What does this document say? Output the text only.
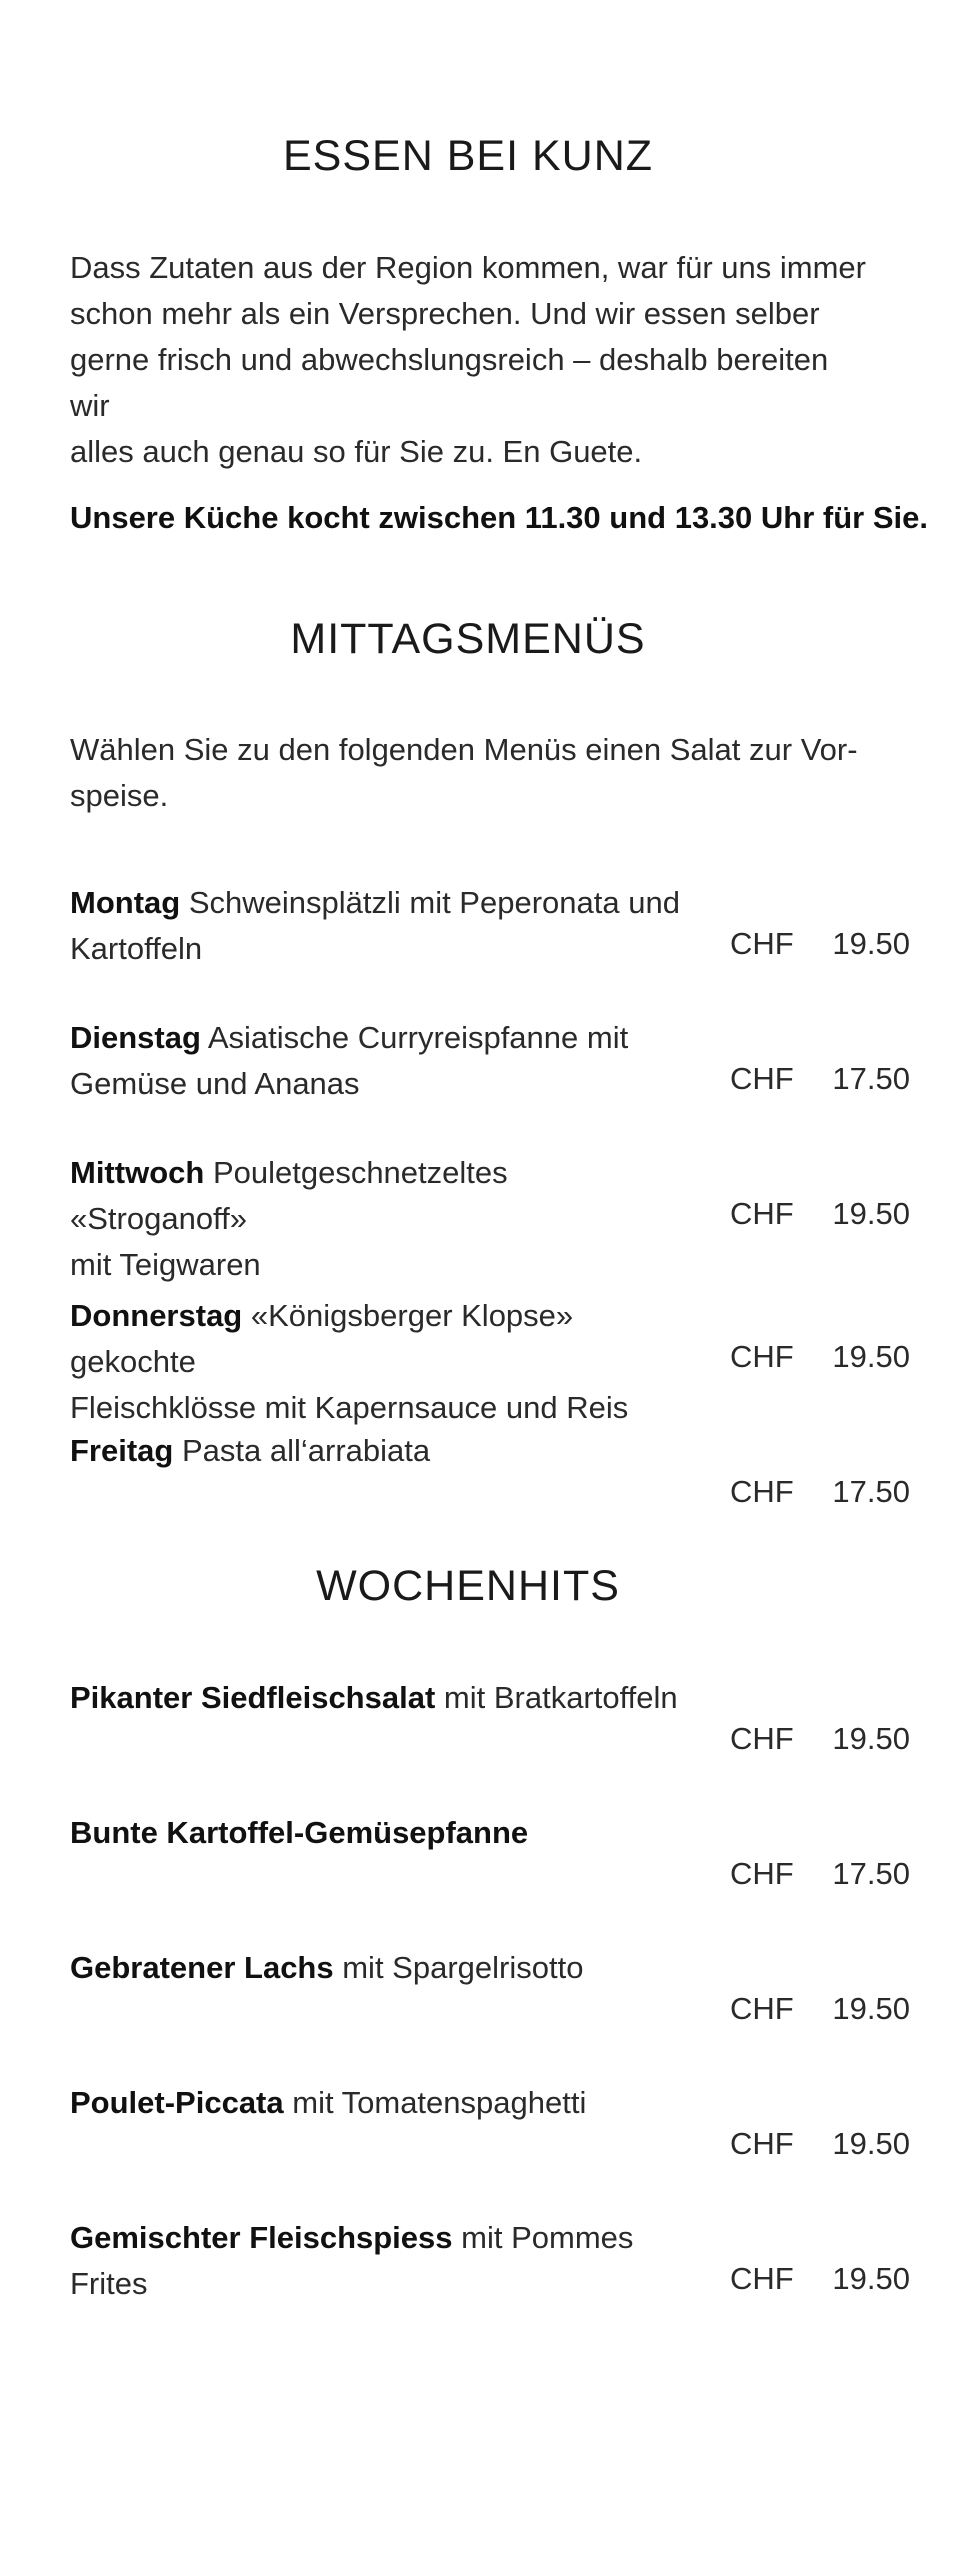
ESSEN BEI KUNZ
Dass Zutaten aus der Region kommen, war für uns immer
schon mehr als ein Versprechen. Und wir essen selber
gerne frisch und abwechslungsreich – deshalb bereiten wir
alles auch genau so für Sie zu. En Guete.
Unsere Küche kocht zwischen 11.30 und 13.30 Uhr für Sie.
MITTAGSMENÜS
Wählen Sie zu den folgenden Menüs einen Salat zur Vor-
speise.
Montag Schweinsplätzli mit Peperonata und
Kartoffeln	CHF 19.50
Dienstag Asiatische Curryreispfanne mit
Gemüse und Ananas	CHF 17.50
Mittwoch Pouletgeschnetzeltes «Stroganoff»
mit Teigwaren
CHF 19.50
Donnerstag «Königsberger Klopse» gekochte
Fleischklösse mit Kapernsauce und Reis
CHF 19.50
Freitag Pasta all‘arrabiata
CHF 17.50
WOCHENHITS
Pikanter Siedfleischsalat mit Bratkartoffeln
CHF 19.50
Bunte Kartoffel-Gemüsepfanne
CHF 17.50
Gebratener Lachs mit Spargelrisotto
CHF 19.50
Poulet-Piccata mit Tomatenspaghetti
CHF 19.50
Gemischter Fleischspiess mit Pommes Frites	CHF 19.50
